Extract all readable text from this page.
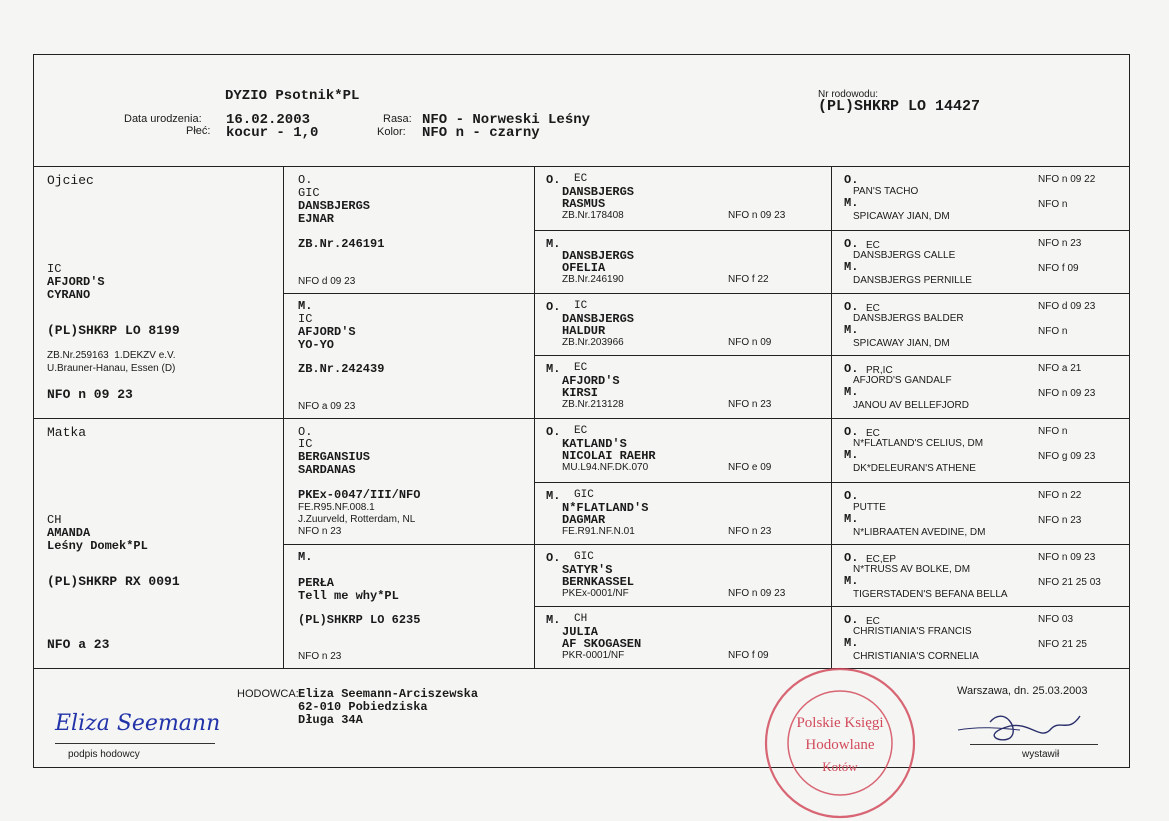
DYZIO Psotnik*PL
Data urodzenia: 16.02.2003
Płeć: kocur - 1,0
Rasa: NFO - Norweski Leśny
Kolor: NFO n - czarny
Nr rodowodu:
(PL)SHKRP LO 14427
Ojciec
IC
AFJORD'S
CYRANO
(PL)SHKRP LO 8199
ZB.Nr.259163  1.DEKZV e.V.
U.Brauner-Hanau, Essen (D)
NFO n 09 23
Matka
CH
AMANDA
Leśny Domek*PL
(PL)SHKRP RX 0091
NFO a 23
O.
GIC
DANSBJERGS
EJNAR
ZB.Nr.246191
NFO d 09 23
M.
IC
AFJORD'S
YO-YO
ZB.Nr.242439
NFO a 09 23
O.
IC
BERGANSIUS
SARDANAS
PKEx-0047/III/NFO
FE.R95.NF.008.1
J.Zuurveld, Rotterdam, NL
NFO n 23
M.
PERŁA
Tell me why*PL
(PL)SHKRP LO 6235
NFO n 23
O. EC
DANSBJERGS
RASMUS
ZB.Nr.178408	NFO n 09 23
M.
DANSBJERGS
OFELIA
ZB.Nr.246190	NFO f 22
O. IC
DANSBJERGS
HALDUR
ZB.Nr.203966	NFO n 09
M. EC
AFJORD'S
KIRSI
ZB.Nr.213128	NFO n 23
O. EC
KATLAND'S
NICOLAI RAEHR
MU.L94.NF.DK.070	NFO e 09
M. GIC
N*FLATLAND'S
DAGMAR
FE.R91.NF.N.01	NFO n 23
O. GIC
SATYR'S
BERNKASSEL
PKEx-0001/NF	NFO n 09 23
M. CH
JULIA
AF SKOGASEN
PKR-0001/NF	NFO f 09
O.
PAN'S TACHO
M.
SPICAWAY JIAN, DM
NFO n 09 22
NFO n
O. EC
DANSBJERGS CALLE
M.
DANSBJERGS PERNILLE
NFO n 23
NFO f 09
O. EC
DANSBJERGS BALDER
M.
SPICAWAY JIAN, DM
NFO d 09 23
NFO n
O. PR,IC
AFJORD'S GANDALF
M.
JANOU AV BELLEFJORD
NFO a 21
NFO n 09 23
O. EC
N*FLATLAND'S CELIUS, DM
M.
DK*DELEURAN'S ATHENE
NFO n
NFO g 09 23
O.
PUTTE
M.
N*LIBRAATEN AVEDINE, DM
NFO n 22
NFO n 23
O. EC,EP
N*TRUSS AV BOLKE, DM
M.
TIGERSTADEN'S BEFANA BELLA
NFO n 09 23
NFO 21 25 03
O. EC
CHRISTIANIA'S FRANCIS
M.
CHRISTIANIA'S CORNELIA
NFO 03
NFO 21 25
HODOWCA: Eliza Seemann-Arciszewska
62-010 Pobiedziska
Długa 34A
Eliza Seemann
podpis hodowcy
Warszawa, dn. 25.03.2003
wystawił
Polskie Księgi
Hodowlane
Kotów
